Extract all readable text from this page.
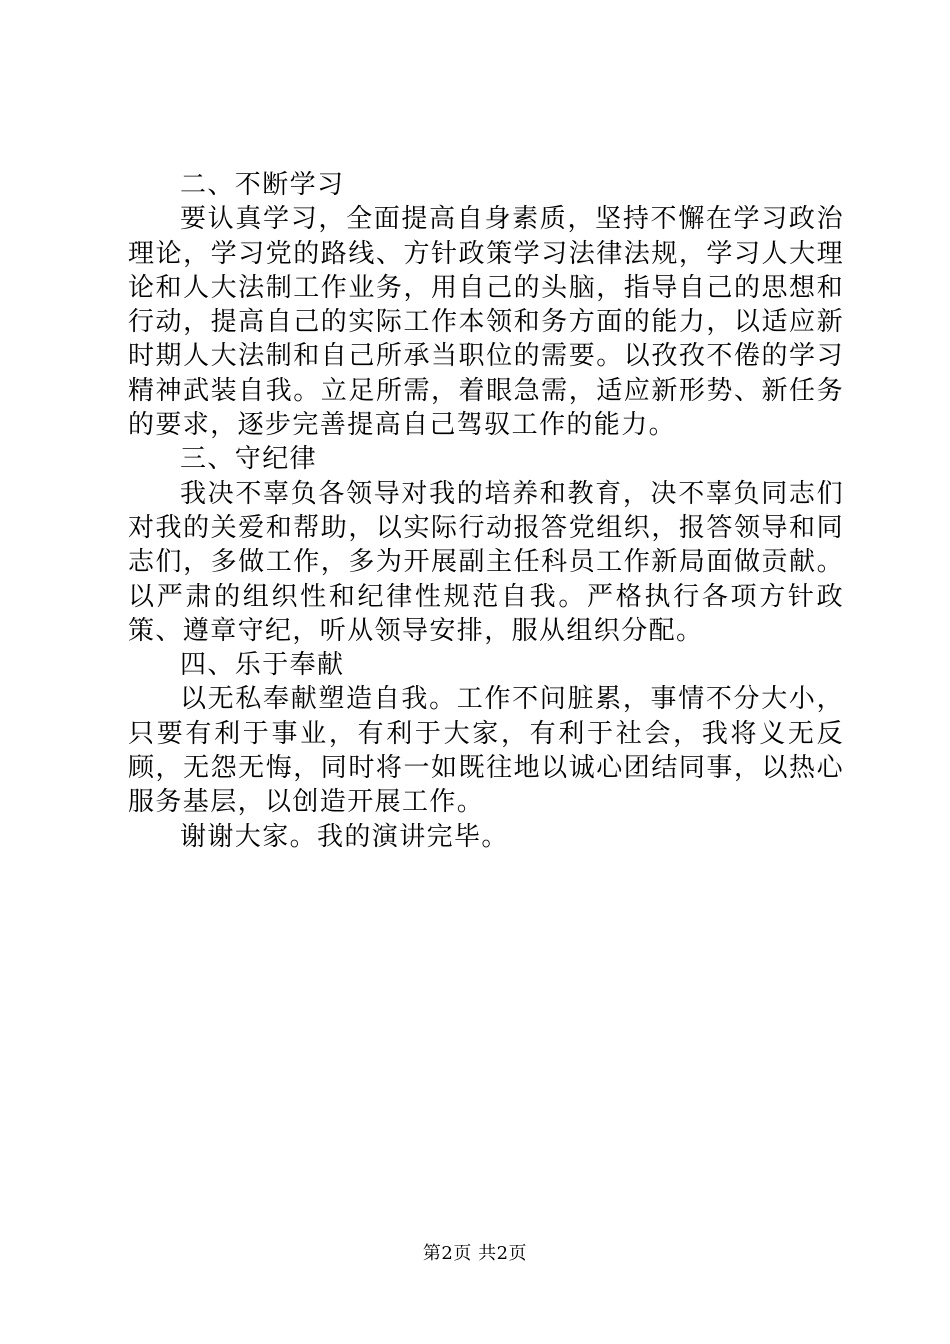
二、不断学习

要认真学习，全面提高自身素质，坚持不懈在学习政治理论，学习党的路线、方针政策学习法律法规，学习人大理论和人大法制工作业务，用自己的头脑，指导自己的思想和行动，提高自己的实际工作本领和务方面的能力，以适应新时期人大法制和自己所承当职位的需要。以孜孜不倦的学习精神武装自我。立足所需，着眼急需，适应新形势、新任务的要求，逐步完善提高自己驾驭工作的能力。

三、守纪律

我决不辜负各领导对我的培养和教育，决不辜负同志们对我的关爱和帮助，以实际行动报答党组织，报答领导和同志们，多做工作，多为开展副主任科员工作新局面做贡献。以严肃的组织性和纪律性规范自我。严格执行各项方针政策、遵章守纪，听从领导安排，服从组织分配。

四、乐于奉献

以无私奉献塑造自我。工作不问脏累，事情不分大小，只要有利于事业，有利于大家，有利于社会，我将义无反顾，无怨无悔，同时将一如既往地以诚心团结同事，以热心服务基层，以创造开展工作。

谢谢大家。我的演讲完毕。

第2页 共2页
